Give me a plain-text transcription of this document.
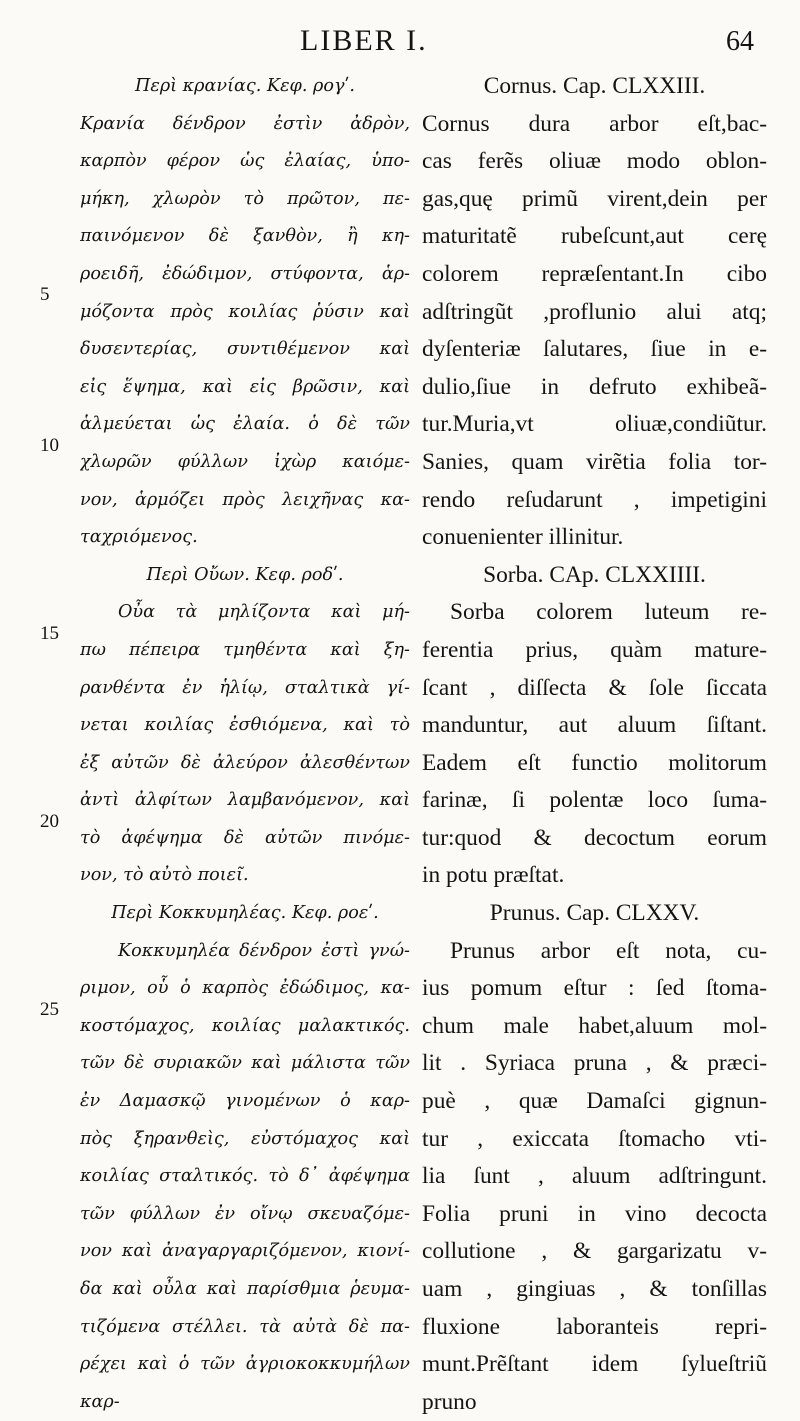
LIBER I.	64
5
10
15
20
25
Περὶ κρανίας. Κεφ. ρογʹ.
Κρανία δένδρον ἐστὶν ἀδρὸν,
καρπὸν φέρον ὡς ἐλαίας, ὑπο-
μήκη, χλωρὸν τὸ πρῶτον, πε-
παινόμενον δὲ ξανθὸν, ἢ κη-
ροειδῆ, ἐδώδιμον, στύφοντα, ἁρ-
μόζοντα πρὸς κοιλίας ῥύσιν καὶ
δυσεντερίας, συντιθέμενον καὶ
εἰς ἕψημα, καὶ εἰς βρῶσιν, καὶ
ἁλμεύεται ὡς ἐλαία. ὁ δὲ τῶν
χλωρῶν φύλλων ἰχὼρ καιόμε-
νον, ἁρμόζει πρὸς λειχῆνας κα-
ταχριόμενος.
Περὶ Οὔων. Κεφ. ροδʹ.
Οὖα τὰ μηλίζοντα καὶ μή-
πω πέπειρα τμηθέντα καὶ ξη-
ρανθέντα ἐν ἡλίῳ, σταλτικὰ γί-
νεται κοιλίας ἐσθιόμενα, καὶ τὸ
ἐξ αὐτῶν δὲ ἀλεύρον ἀλεσθέντων
ἀντὶ ἀλφίτων λαμβανόμενον, καὶ
τὸ ἀφέψημα δὲ αὐτῶν πινόμε-
νον, τὸ αὐτὸ ποιεῖ.
Περὶ Κοκκυμηλέας. Κεφ. ροεʹ.
Κοκκυμηλέα δένδρον ἐστὶ γνώ-
ριμον, οὗ ὁ καρπὸς ἐδώδιμος, κα-
κοστόμαχος, κοιλίας μαλακτικός.
τῶν δὲ συριακῶν καὶ μάλιστα τῶν
ἐν Δαμασκῷ γινομένων ὁ καρ-
πὸς ξηρανθεὶς, εὐστόμαχος καὶ
κοιλίας σταλτικός. τὸ δ᾽ ἀφέψημα
τῶν φύλλων ἐν οἴνῳ σκευαζόμε-
νον καὶ ἀναγαργαριζόμενον, κιονί-
δα καὶ οὖλα καὶ παρίσθμια ῥευμα-
τιζόμενα στέλλει. τὰ αὐτὰ δὲ πα-
ρέχει καὶ ὁ τῶν ἀγριοκοκκυμήλων
καρ-
Cornus. Cap. CLXXIII.
Cornus dura arbor eſt,bac-
cas ferẽs oliuæ modo oblon-
gas,quę primũ virent,dein per
maturitatẽ rubeſcunt,aut cerę
colorem repræſentant.In cibo
adſtringũt ,proflunio alui atq;
dyſenteriæ ſalutares, ſiue in e-
dulio,ſiue in defruto exhibeã-
tur.Muria,vt oliuæ,condiũtur.
Sanies, quam virẽtia folia tor-
rendo reſudarunt , impetigini
conuenienter illinitur.
Sorba. CAp. CLXXIIII.
Sorba colorem luteum re-
ferentia prius, quàm mature-
ſcant , diſſecta & ſole ſiccata
manduntur, aut aluum ſiſtant.
Eadem eſt functio molitorum
farinæ, ſi polentæ loco ſuma-
tur:quod & decoctum eorum
in potu præſtat.
Prunus. Cap. CLXXV.
Prunus arbor eſt nota, cu-
ius pomum eſtur : ſed ſtoma-
chum male habet,aluum mol-
lit . Syriaca pruna , & præci-
puè , quæ Damaſci gignun-
tur , exiccata ſtomacho vti-
lia ſunt , aluum adſtringunt.
Folia pruni in vino decocta
collutione , & gargarizatu v-
uam , gingiuas , & tonſillas
fluxione laboranteis repri-
munt.Prẽſtant idem ſylueſtriũ
pruno
